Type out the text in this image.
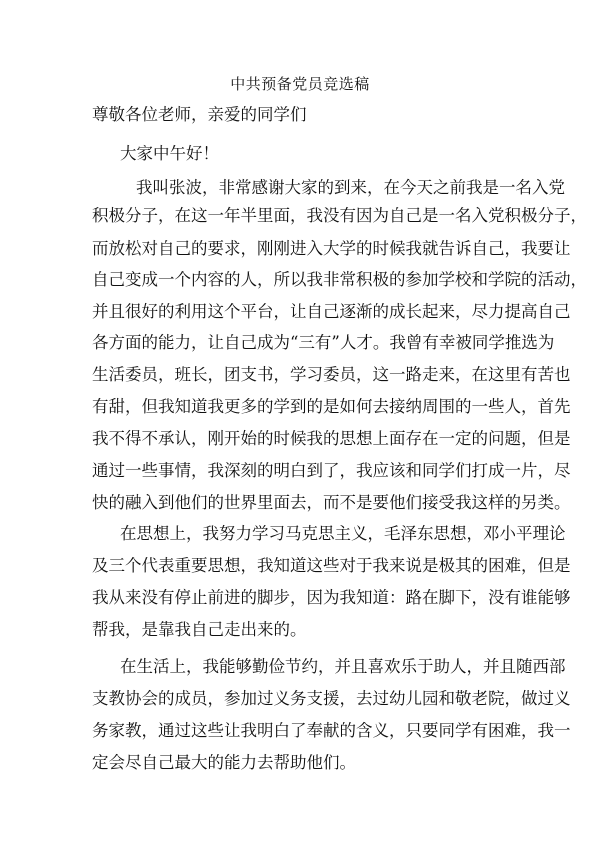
中共预备党员竞选稿
尊敬各位老师，亲爱的同学们
大家中午好！
我叫张波，非常感谢大家的到来，在今天之前我是一名入党
积极分子，在这一年半里面，我没有因为自己是一名入党积极分子，
而放松对自己的要求，刚刚进入大学的时候我就告诉自己，我要让
自己变成一个内容的人，所以我非常积极的参加学校和学院的活动，
并且很好的利用这个平台，让自己逐渐的成长起来，尽力提高自己
各方面的能力，让自己成为“三有”人才。我曾有幸被同学推选为
生活委员，班长，团支书，学习委员，这一路走来，在这里有苦也
有甜，但我知道我更多的学到的是如何去接纳周围的一些人，首先
我不得不承认，刚开始的时候我的思想上面存在一定的问题，但是
通过一些事情，我深刻的明白到了，我应该和同学们打成一片，尽
快的融入到他们的世界里面去，而不是要他们接受我这样的另类。
在思想上，我努力学习马克思主义，毛泽东思想，邓小平理论
及三个代表重要思想，我知道这些对于我来说是极其的困难，但是
我从来没有停止前进的脚步，因为我知道：路在脚下，没有谁能够
帮我，是靠我自己走出来的。
在生活上，我能够勤俭节约，并且喜欢乐于助人，并且随西部
支教协会的成员，参加过义务支援，去过幼儿园和敬老院，做过义
务家教，通过这些让我明白了奉献的含义，只要同学有困难，我一
定会尽自己最大的能力去帮助他们。
